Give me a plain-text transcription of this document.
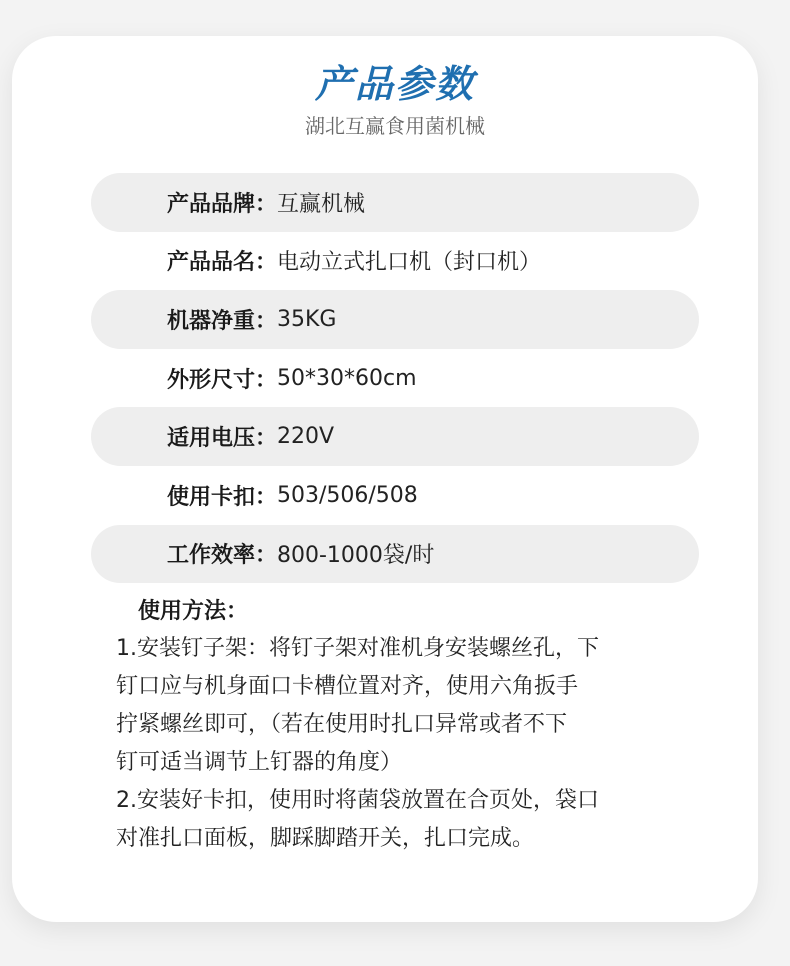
产品参数
湖北互赢食用菌机械
产品品牌： 互赢机械
产品品名： 电动立式扎口机（封口机）
机器净重： 35KG
外形尺寸： 50*30*60cm
适用电压： 220V
使用卡扣： 503/506/508
工作效率： 800-1000袋/时
使用方法：

1.安装钉子架：将钉子架对准机身安装螺丝孔，下

钉口应与机身面口卡槽位置对齐，使用六角扳手

拧紧螺丝即可，（若在使用时扎口异常或者不下

钉可适当调节上钉器的角度）

2.安装好卡扣，使用时将菌袋放置在合页处，袋口

对准扎口面板，脚踩脚踏开关，扎口完成。
